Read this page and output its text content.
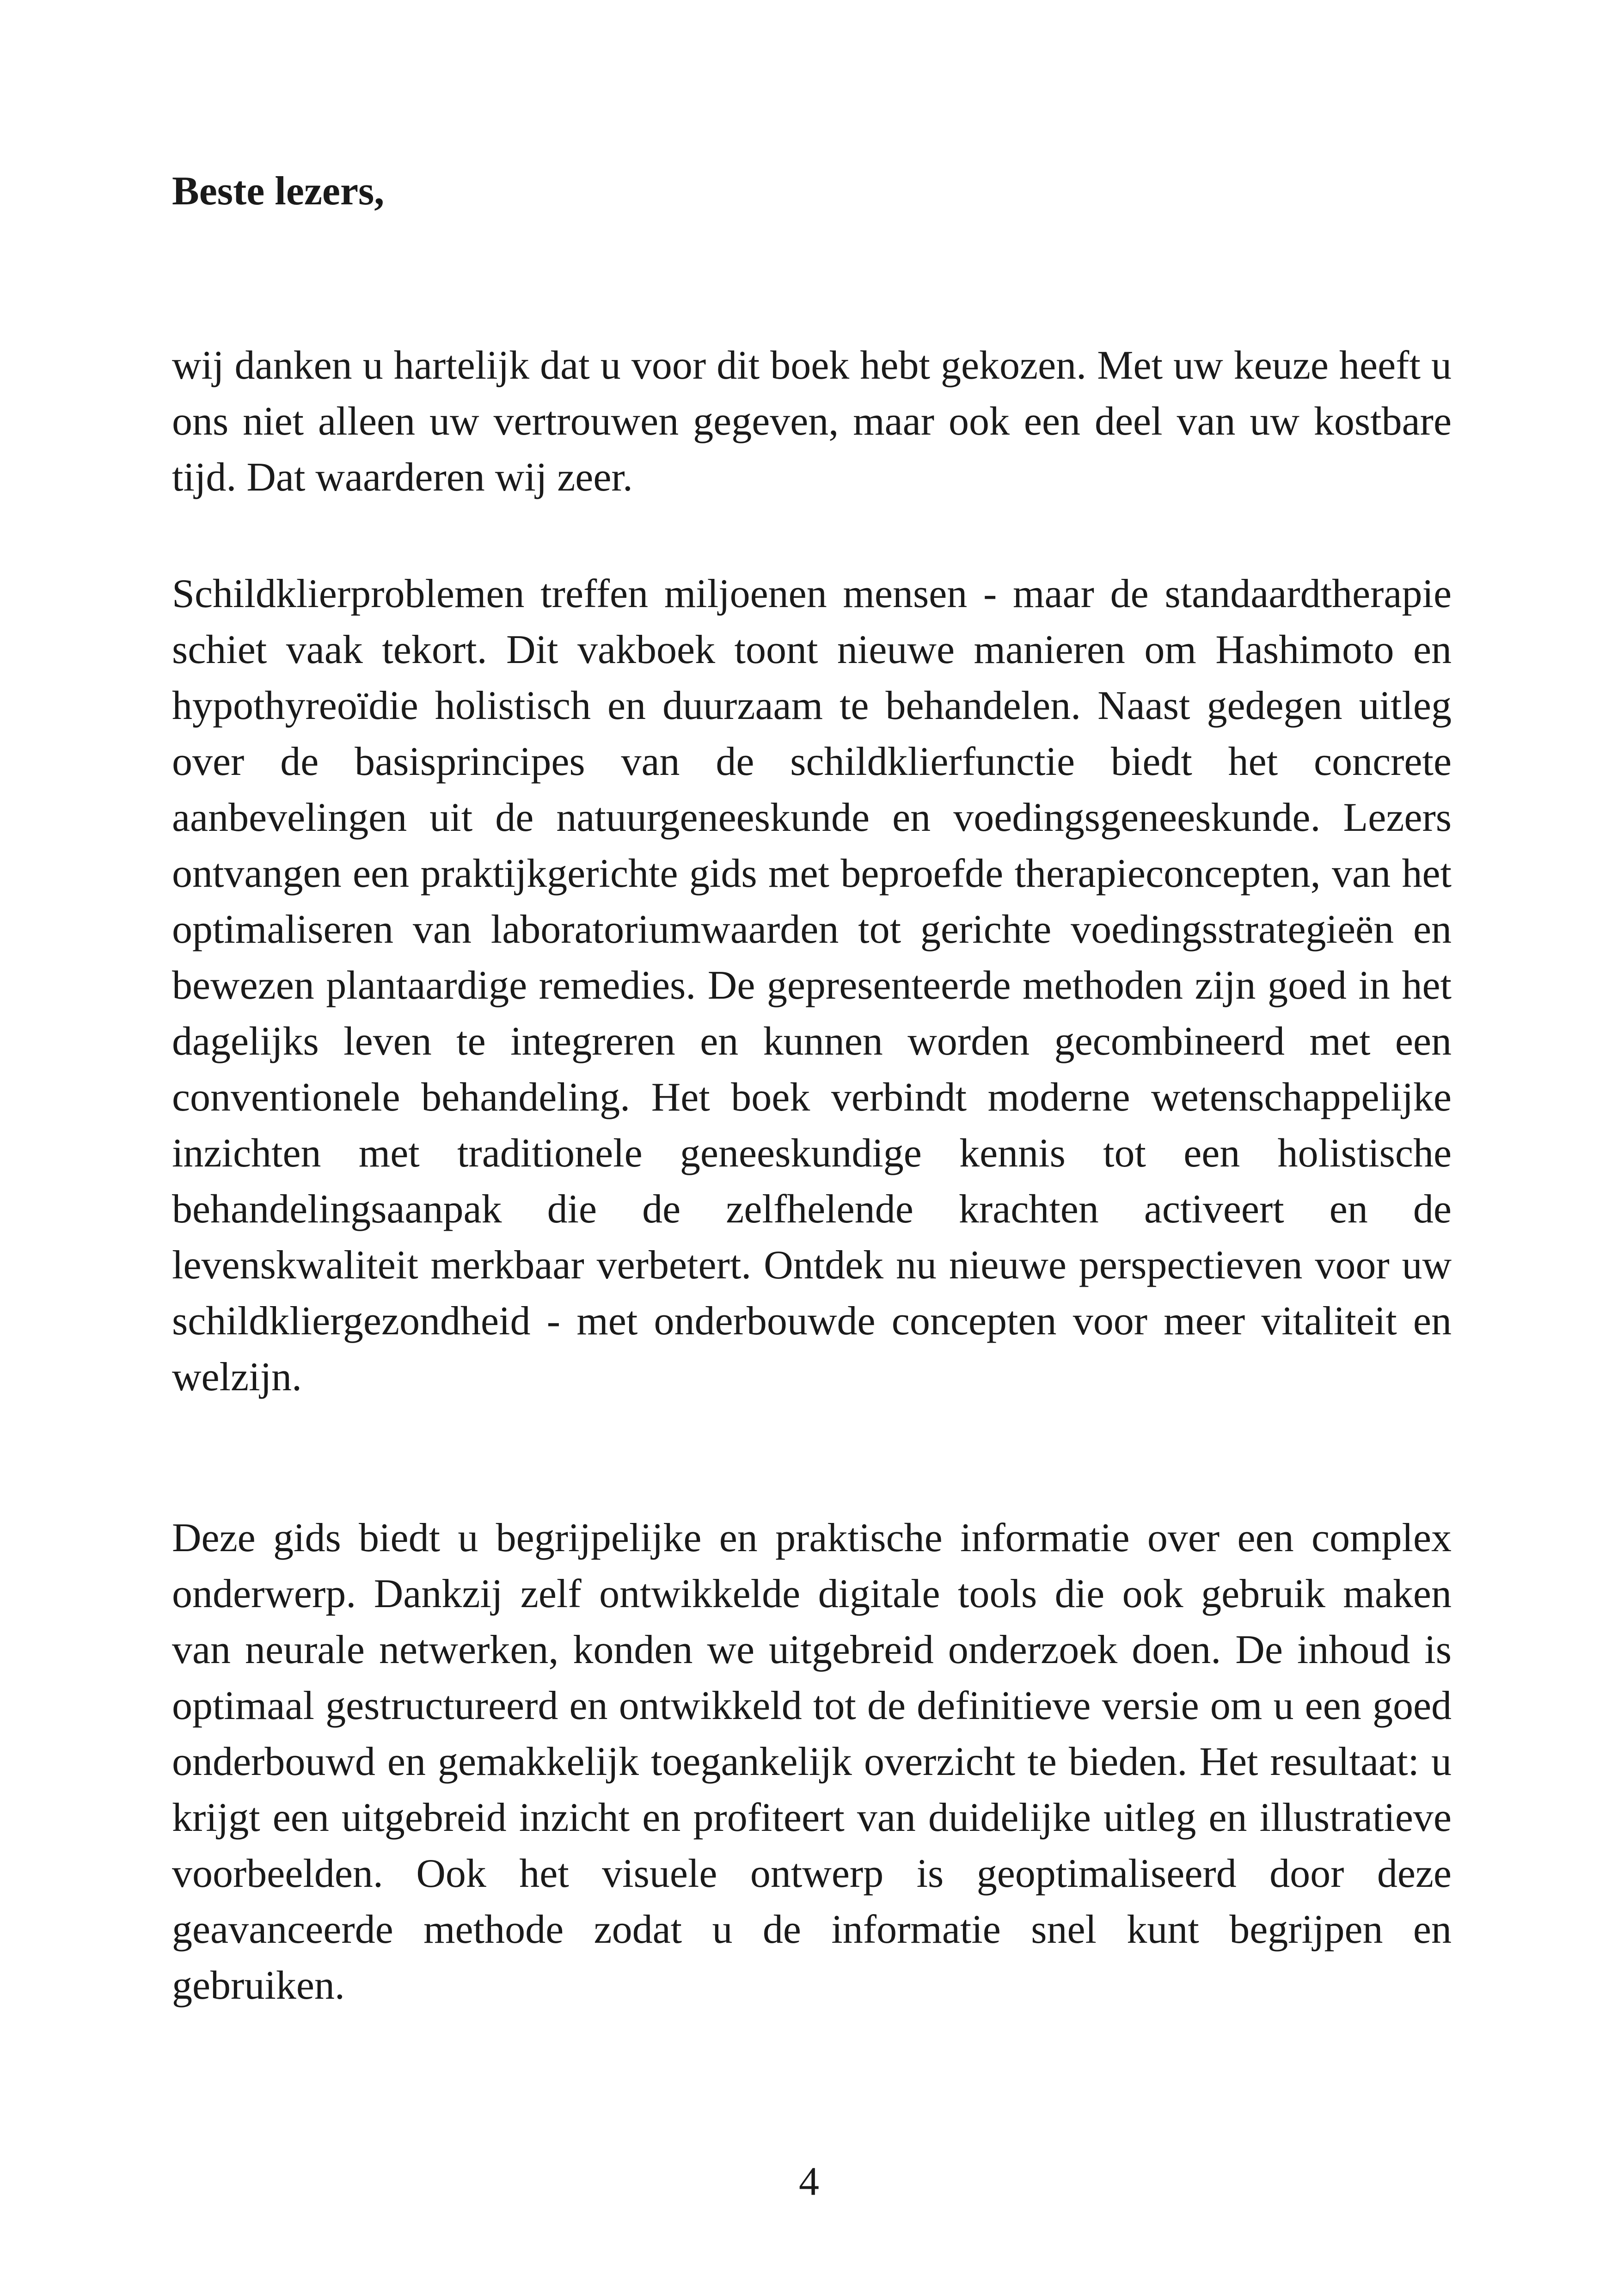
Beste lezers,

wij danken u hartelijk dat u voor dit boek hebt gekozen. Met uw keuze heeft u ons niet alleen uw vertrouwen gegeven, maar ook een deel van uw kostbare tijd. Dat waarderen wij zeer.

Schildklierproblemen treffen miljoenen mensen - maar de standaardtherapie schiet vaak tekort. Dit vakboek toont nieuwe manieren om Hashimoto en hypothyreoïdie holistisch en duurzaam te behandelen. Naast gedegen uitleg over de basisprincipes van de schildklierfunctie biedt het concrete aanbevelingen uit de natuurgeneeskunde en voedingsgeneeskunde. Lezers ontvangen een praktijkgerichte gids met beproefde therapieconcepten, van het optimaliseren van laboratoriumwaarden tot gerichte voedingsstrategieën en bewezen plantaardige remedies. De gepresenteerde methoden zijn goed in het dagelijks leven te integreren en kunnen worden gecombineerd met een conventionele behandeling. Het boek verbindt moderne wetenschappelijke inzichten met traditionele geneeskundige kennis tot een holistische behandelingsaanpak die de zelfhelende krachten activeert en de levenskwaliteit merkbaar verbetert. Ontdek nu nieuwe perspectieven voor uw schildkliergezondheid - met onderbouwde concepten voor meer vitaliteit en welzijn.

Deze gids biedt u begrijpelijke en praktische informatie over een complex onderwerp. Dankzij zelf ontwikkelde digitale tools die ook gebruik maken van neurale netwerken, konden we uitgebreid onderzoek doen. De inhoud is optimaal gestructureerd en ontwikkeld tot de definitieve versie om u een goed onderbouwd en gemakkelijk toegankelijk overzicht te bieden. Het resultaat: u krijgt een uitgebreid inzicht en profiteert van duidelijke uitleg en illustratieve voorbeelden. Ook het visuele ontwerp is geoptimaliseerd door deze geavanceerde methode zodat u de informatie snel kunt begrijpen en gebruiken.

4
